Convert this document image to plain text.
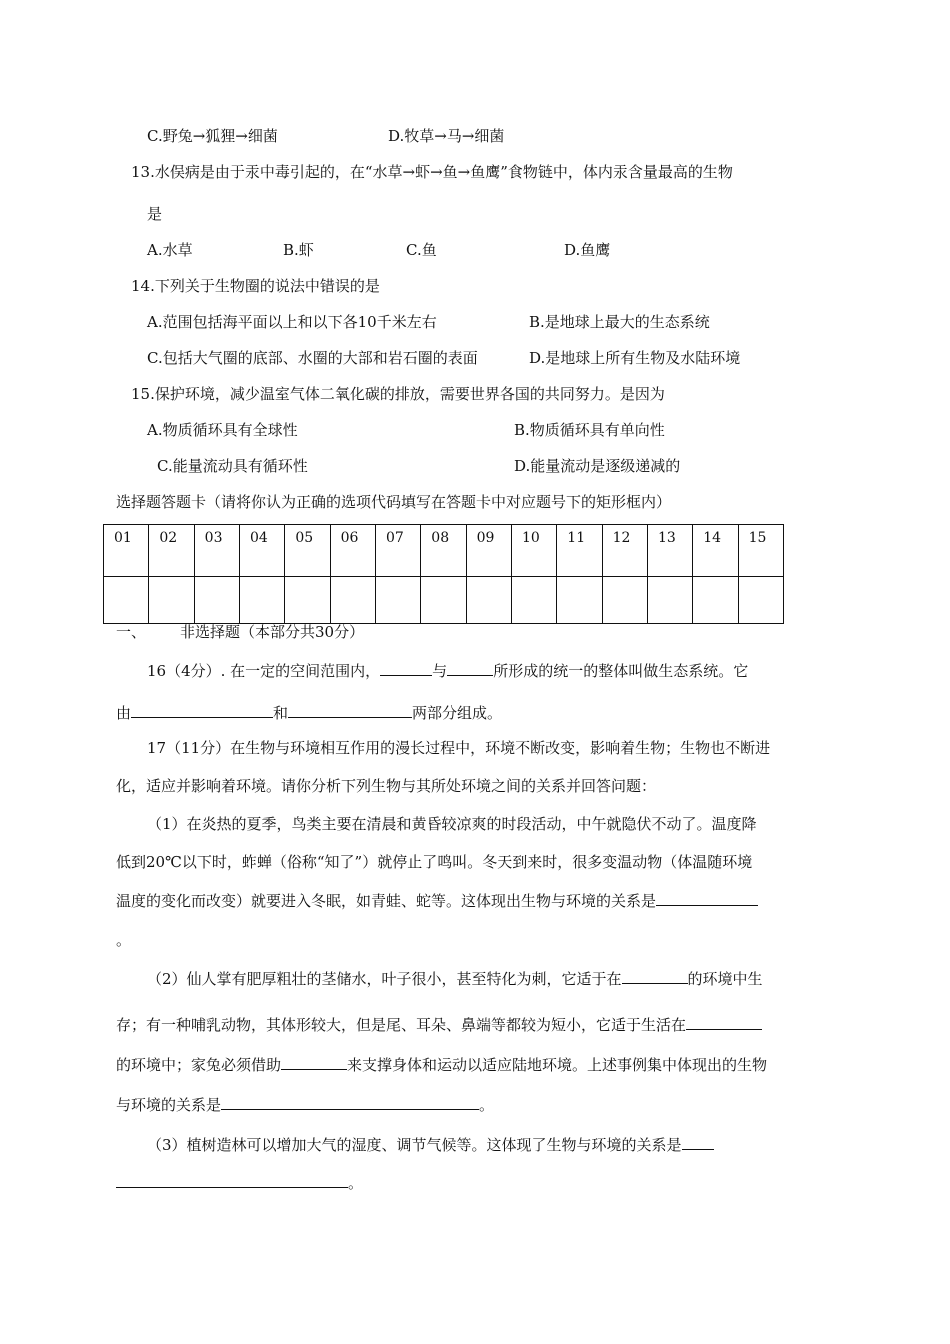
C.野兔→狐狸→细菌	D.牧草→马→细菌
13.水俣病是由于汞中毒引起的，在“水草→虾→鱼→鱼鹰”食物链中，体内汞含量最高的生物
是
A.水草	B.虾	C.鱼	D.鱼鹰
14.下列关于生物圈的说法中错误的是
A.范围包括海平面以上和以下各10千米左右	B.是地球上最大的生态系统
C.包括大气圈的底部、水圈的大部和岩石圈的表面	D.是地球上所有生物及水陆环境
15.保护环境，减少温室气体二氧化碳的排放，需要世界各国的共同努力。是因为
A.物质循环具有全球性	B.物质循环具有单向性
C.能量流动具有循环性	D.能量流动是逐级递减的
选择题答题卡（请将你认为正确的选项代码填写在答题卡中对应题号下的矩形框内）
01	02	03	04	05	06	07	08	09	10	11	12	13	14	15

一、 非选择题（本部分共30分）
16（4分）. 在一定的空间范围内，	与	所形成的统一的整体叫做生态系统。它
由	和	两部分组成。
17（11分）在生物与环境相互作用的漫长过程中，环境不断改变，影响着生物；生物也不断进
化，适应并影响着环境。请你分析下列生物与其所处环境之间的关系并回答问题：
（1）在炎热的夏季，鸟类主要在清晨和黄昏较凉爽的时段活动，中午就隐伏不动了。温度降
低到20℃以下时，蚱蝉（俗称“知了”）就停止了鸣叫。冬天到来时，很多变温动物（体温随环境
温度的变化而改变）就要进入冬眠，如青蛙、蛇等。这体现出生物与环境的关系是
。
（2）仙人掌有肥厚粗壮的茎储水，叶子很小，甚至特化为刺，它适于在	的环境中生
存；有一种哺乳动物，其体形较大，但是尾、耳朵、鼻端等都较为短小，它适于生活在
的环境中；家兔必须借助	来支撑身体和运动以适应陆地环境。上述事例集中体现出的生物
与环境的关系是	。
（3）植树造林可以增加大气的湿度、调节气候等。这体现了生物与环境的关系是
。
